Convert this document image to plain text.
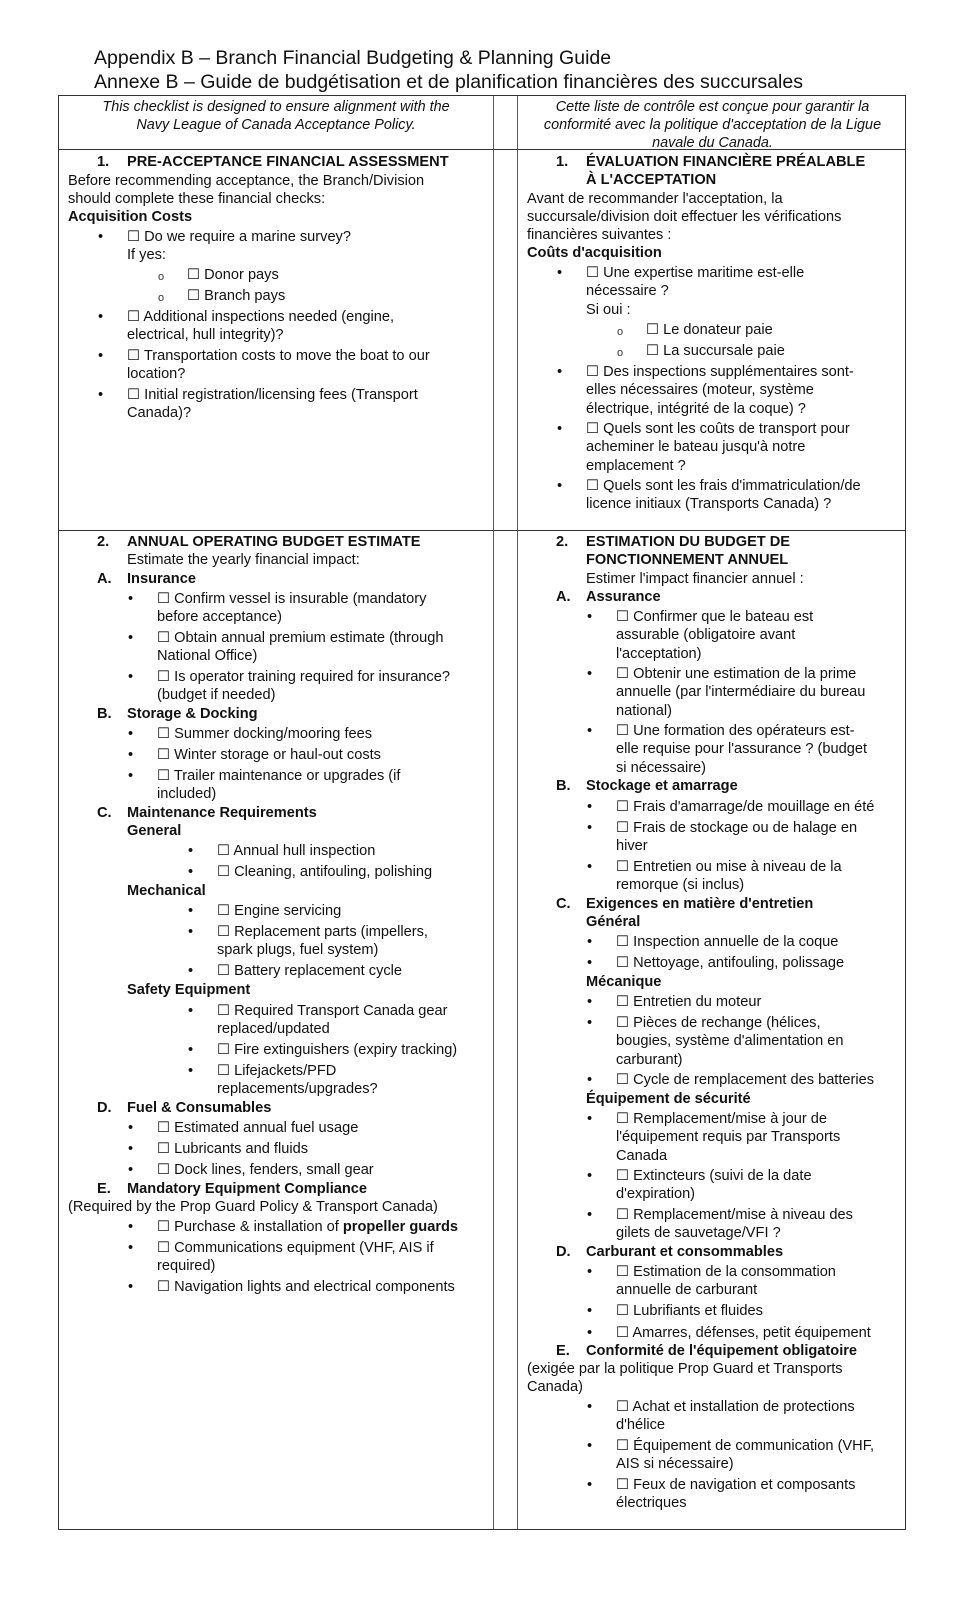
Appendix B – Branch Financial Budgeting & Planning Guide
Annexe B – Guide de budgétisation et de planification financières des succursales
This checklist is designed to ensure alignment with the
Navy League of Canada Acceptance Policy.
Cette liste de contrôle est conçue pour garantir la
conformité avec la politique d'acceptation de la Ligue
navale du Canada.
1. PRE-ACCEPTANCE FINANCIAL ASSESSMENT
Before recommending acceptance, the Branch/Division
should complete these financial checks:
Acquisition Costs
•
☐ Do we require a marine survey?
If yes:
o ☐ Donor pays
o ☐ Branch pays
•
☐ Additional inspections needed (engine,
electrical, hull integrity)?
•
☐ Transportation costs to move the boat to our
location?
•
☐ Initial registration/licensing fees (Transport
Canada)?
1. ÉVALUATION FINANCIÈRE PRÉALABLE
À L'ACCEPTATION
Avant de recommander l'acceptation, la
succursale/division doit effectuer les vérifications
financières suivantes :
Coûts d'acquisition
•
☐ Une expertise maritime est-elle
nécessaire ?
Si oui :
o ☐ Le donateur paie
o ☐ La succursale paie
•
☐ Des inspections supplémentaires sont-
elles nécessaires (moteur, système
électrique, intégrité de la coque) ?
•
☐ Quels sont les coûts de transport pour
acheminer le bateau jusqu'à notre
emplacement ?
•
☐ Quels sont les frais d'immatriculation/de
licence initiaux (Transports Canada) ?
2. ANNUAL OPERATING BUDGET ESTIMATE
Estimate the yearly financial impact:
A. Insurance
•
☐ Confirm vessel is insurable (mandatory
before acceptance)
•
☐ Obtain annual premium estimate (through
National Office)
•
☐ Is operator training required for insurance?
(budget if needed)
B. Storage & Docking
•
☐ Summer docking/mooring fees
•
☐ Winter storage or haul-out costs
•
☐ Trailer maintenance or upgrades (if
included)
C. Maintenance Requirements
General
•
☐ Annual hull inspection
•
☐ Cleaning, antifouling, polishing
Mechanical
•
☐ Engine servicing
•
☐ Replacement parts (impellers,
spark plugs, fuel system)
•
☐ Battery replacement cycle
Safety Equipment
•
☐ Required Transport Canada gear
replaced/updated
•
☐ Fire extinguishers (expiry tracking)
•
☐ Lifejackets/PFD
replacements/upgrades?
D. Fuel & Consumables
•
☐ Estimated annual fuel usage
•
☐ Lubricants and fluids
•
☐ Dock lines, fenders, small gear
E. Mandatory Equipment Compliance
(Required by the Prop Guard Policy & Transport Canada)
•
☐ Purchase & installation of propeller guards
•
☐ Communications equipment (VHF, AIS if
required)
•
☐ Navigation lights and electrical components
2. ESTIMATION DU BUDGET DE
FONCTIONNEMENT ANNUEL
Estimer l'impact financier annuel :
A. Assurance
•
☐ Confirmer que le bateau est
assurable (obligatoire avant
l'acceptation)
•
☐ Obtenir une estimation de la prime
annuelle (par l'intermédiaire du bureau
national)
•
☐ Une formation des opérateurs est-
elle requise pour l'assurance ? (budget
si nécessaire)
B. Stockage et amarrage
•
☐ Frais d'amarrage/de mouillage en été
•
☐ Frais de stockage ou de halage en
hiver
•
☐ Entretien ou mise à niveau de la
remorque (si inclus)
C. Exigences en matière d'entretien
Général
•
☐ Inspection annuelle de la coque
•
☐ Nettoyage, antifouling, polissage
Mécanique
•
☐ Entretien du moteur
•
☐ Pièces de rechange (hélices,
bougies, système d'alimentation en
carburant)
•
☐ Cycle de remplacement des batteries
Équipement de sécurité
•
☐ Remplacement/mise à jour de
l'équipement requis par Transports
Canada
•
☐ Extincteurs (suivi de la date
d'expiration)
•
☐ Remplacement/mise à niveau des
gilets de sauvetage/VFI ?
D. Carburant et consommables
•
☐ Estimation de la consommation
annuelle de carburant
•
☐ Lubrifiants et fluides
•
☐ Amarres, défenses, petit équipement
E. Conformité de l'équipement obligatoire
(exigée par la politique Prop Guard et Transports
Canada)
•
☐ Achat et installation de protections
d'hélice
•
☐ Équipement de communication (VHF,
AIS si nécessaire)
•
☐ Feux de navigation et composants
électriques
